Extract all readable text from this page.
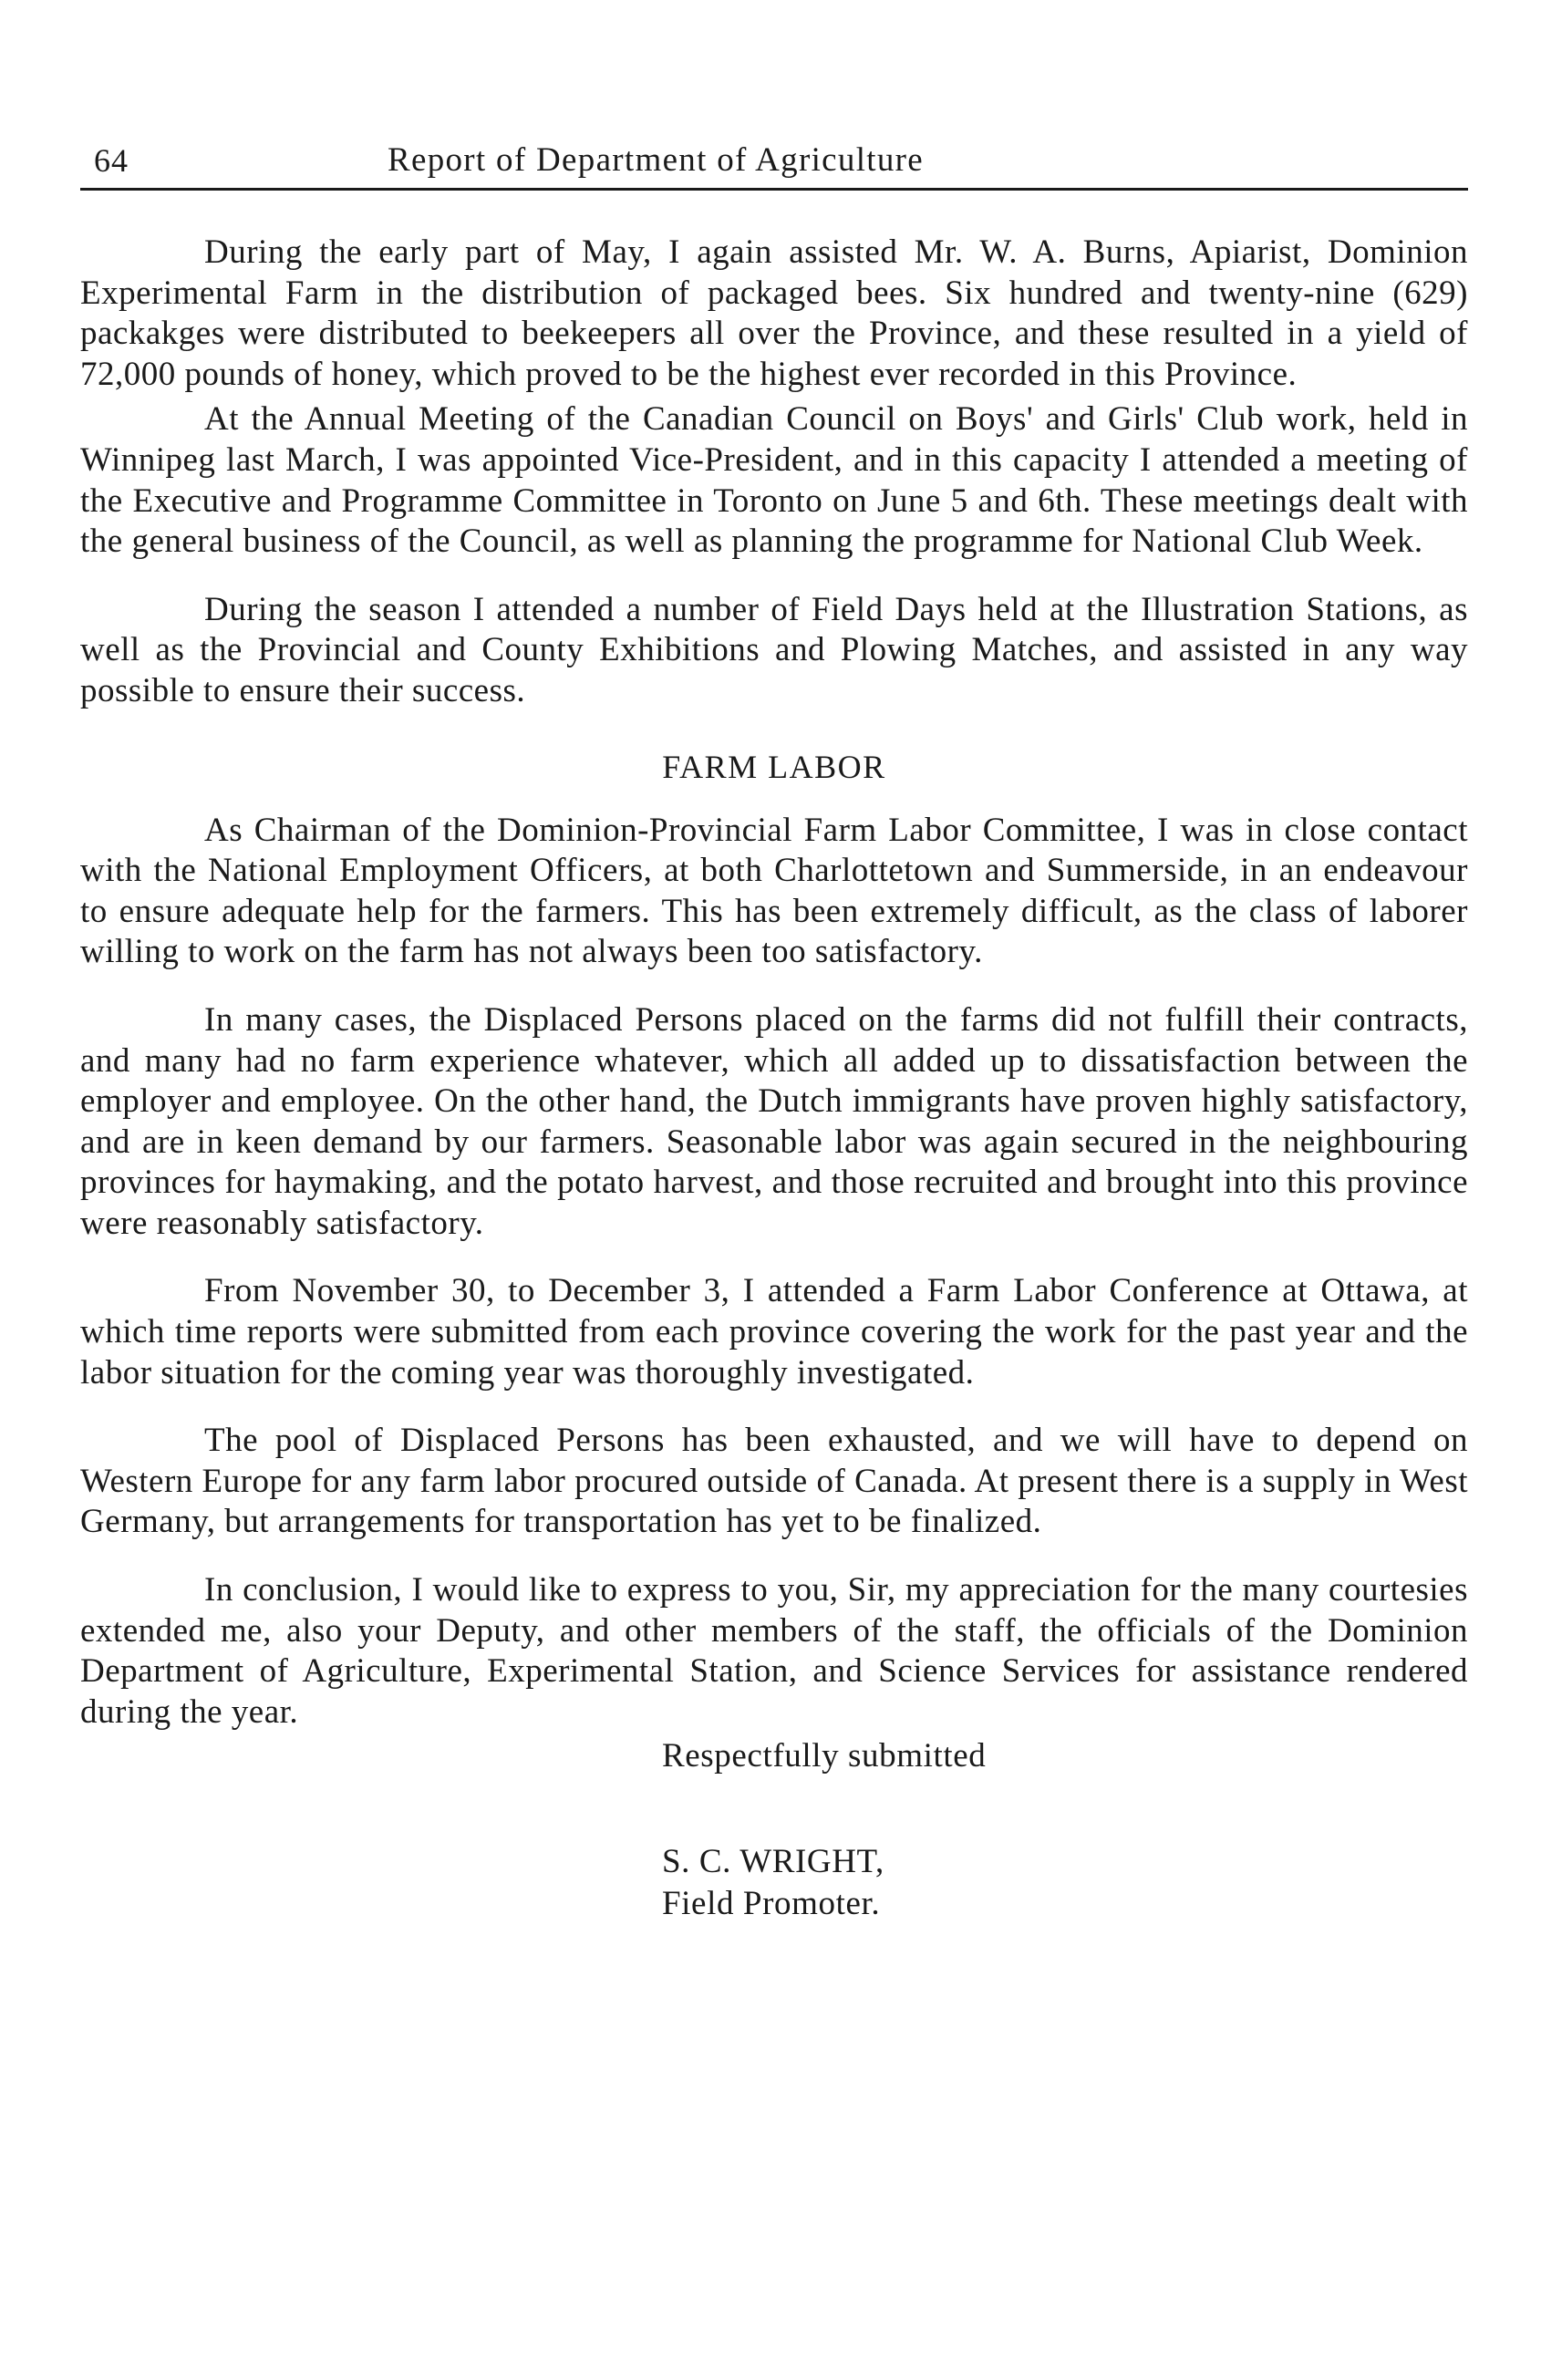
64	Report of Department of Agriculture

During the early part of May, I again assisted Mr. W. A. Burns, Apiarist, Dominion Experimental Farm in the distribution of packaged bees. Six hundred and twenty-nine (629) packakges were distributed to beekeepers all over the Province, and these resulted in a yield of 72,000 pounds of honey, which proved to be the highest ever recorded in this Province.

At the Annual Meeting of the Canadian Council on Boys' and Girls' Club work, held in Winnipeg last March, I was appointed Vice-President, and in this capacity I attended a meeting of the Executive and Programme Committee in Toronto on June 5 and 6th. These meetings dealt with the general business of the Council, as well as planning the programme for National Club Week.

During the season I attended a number of Field Days held at the Illustration Stations, as well as the Provincial and County Exhibitions and Plowing Matches, and assisted in any way possible to ensure their success.

FARM LABOR

As Chairman of the Dominion-Provincial Farm Labor Committee, I was in close contact with the National Employment Officers, at both Charlottetown and Summerside, in an endeavour to ensure adequate help for the farmers. This has been extremely difficult, as the class of laborer willing to work on the farm has not always been too satisfactory.

In many cases, the Displaced Persons placed on the farms did not fulfill their contracts, and many had no farm experience whatever, which all added up to dissatisfaction between the employer and employee. On the other hand, the Dutch immigrants have proven highly satisfactory, and are in keen demand by our farmers. Seasonable labor was again secured in the neighbouring provinces for haymaking, and the potato harvest, and those recruited and brought into this province were reasonably satisfactory.

From November 30, to December 3, I attended a Farm Labor Conference at Ottawa, at which time reports were submitted from each province covering the work for the past year and the labor situation for the coming year was thoroughly investigated.

The pool of Displaced Persons has been exhausted, and we will have to depend on Western Europe for any farm labor procured outside of Canada. At present there is a supply in West Germany, but arrangements for transportation has yet to be finalized.

In conclusion, I would like to express to you, Sir, my appreciation for the many courtesies extended me, also your Deputy, and other members of the staff, the officials of the Dominion Department of Agriculture, Experimental Station, and Science Services for assistance rendered during the year.

Respectfully submitted
S. C. WRIGHT,
Field Promoter.
